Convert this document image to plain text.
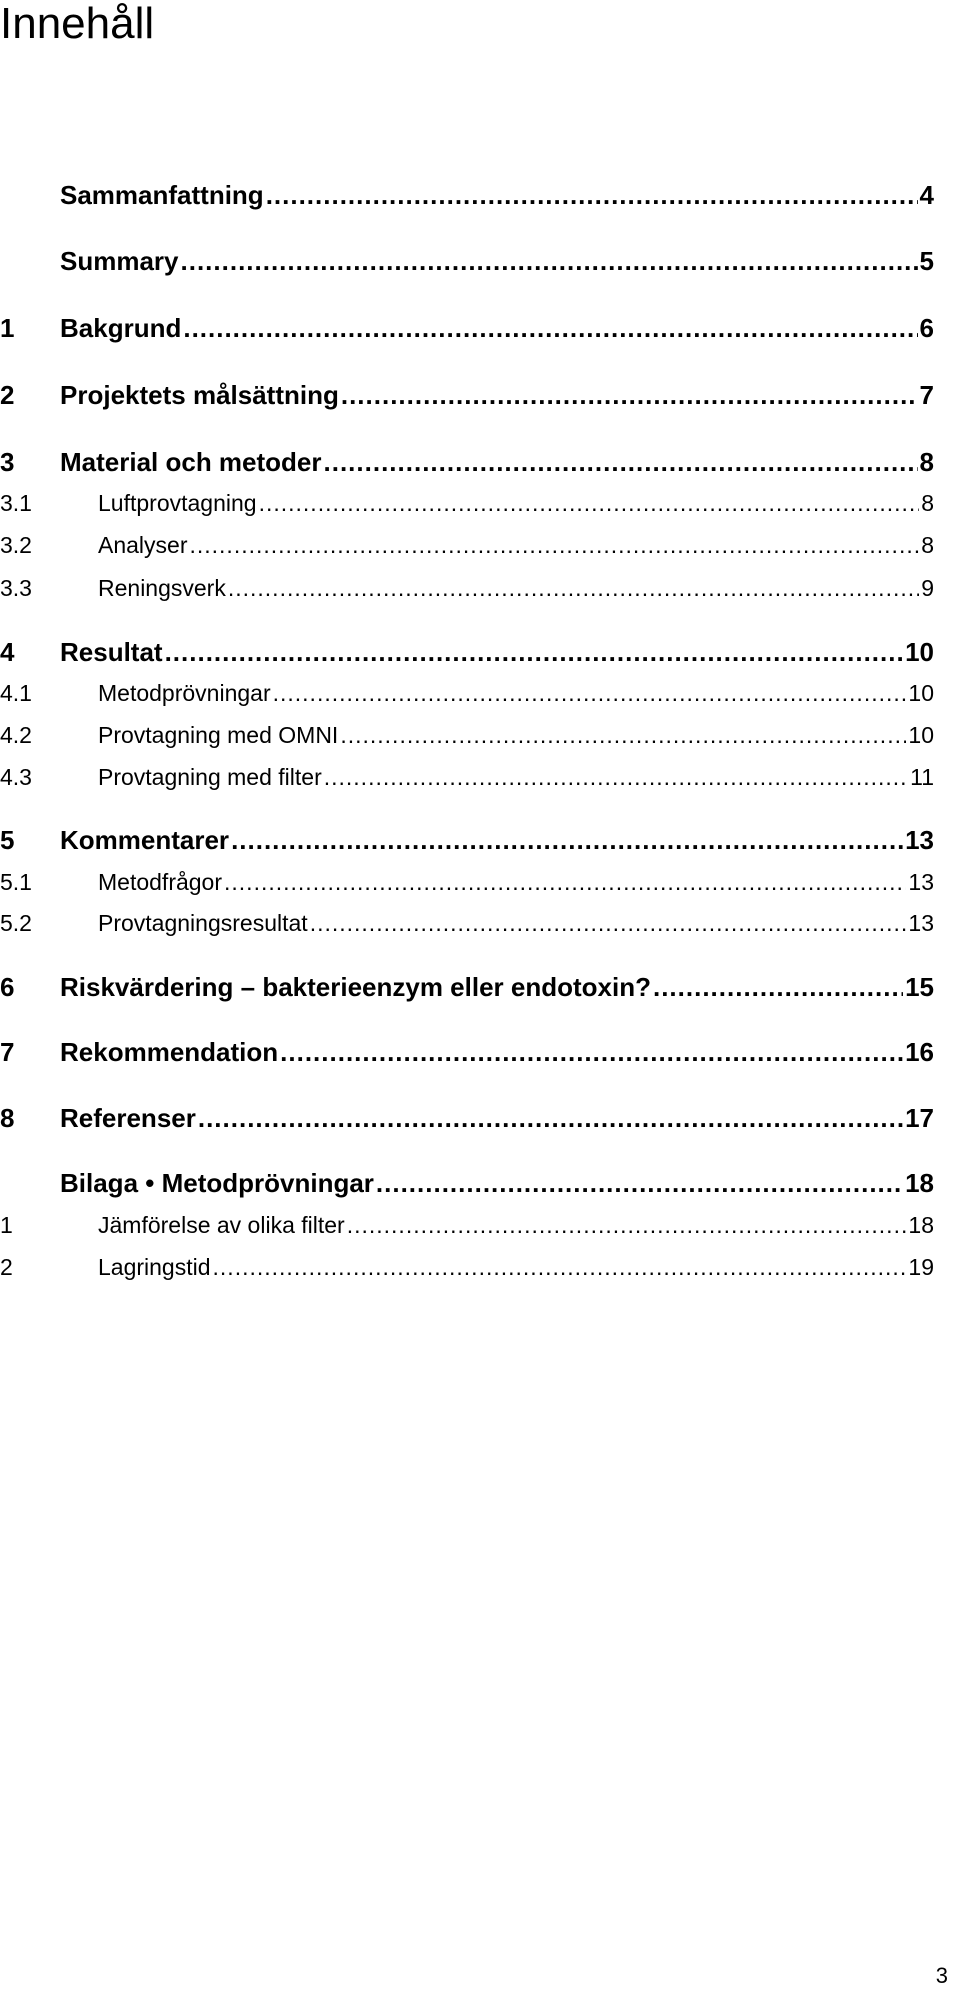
Innehåll
Sammanfattning .....	4
Summary .....	5
1	Bakgrund .....	6
2	Projektets målsättning .....	7
3	Material och metoder .....	8
3.1	Luftprovtagning .....	8
3.2	Analyser .....	8
3.3	Reningsverk .....	9
4	Resultat .....	10
4.1	Metodprövningar .....	10
4.2	Provtagning med OMNI .....	10
4.3	Provtagning med filter .....	11
5	Kommentarer .....	13
5.1	Metodfrågor .....	13
5.2	Provtagningsresultat .....	13
6	Riskvärdering – bakterieenzym eller endotoxin? .....	15
7	Rekommendation .....	16
8	Referenser .....	17
Bilaga • Metodprövningar .....	18
1	Jämförelse av olika filter .....	18
2	Lagringstid .....	19
3
